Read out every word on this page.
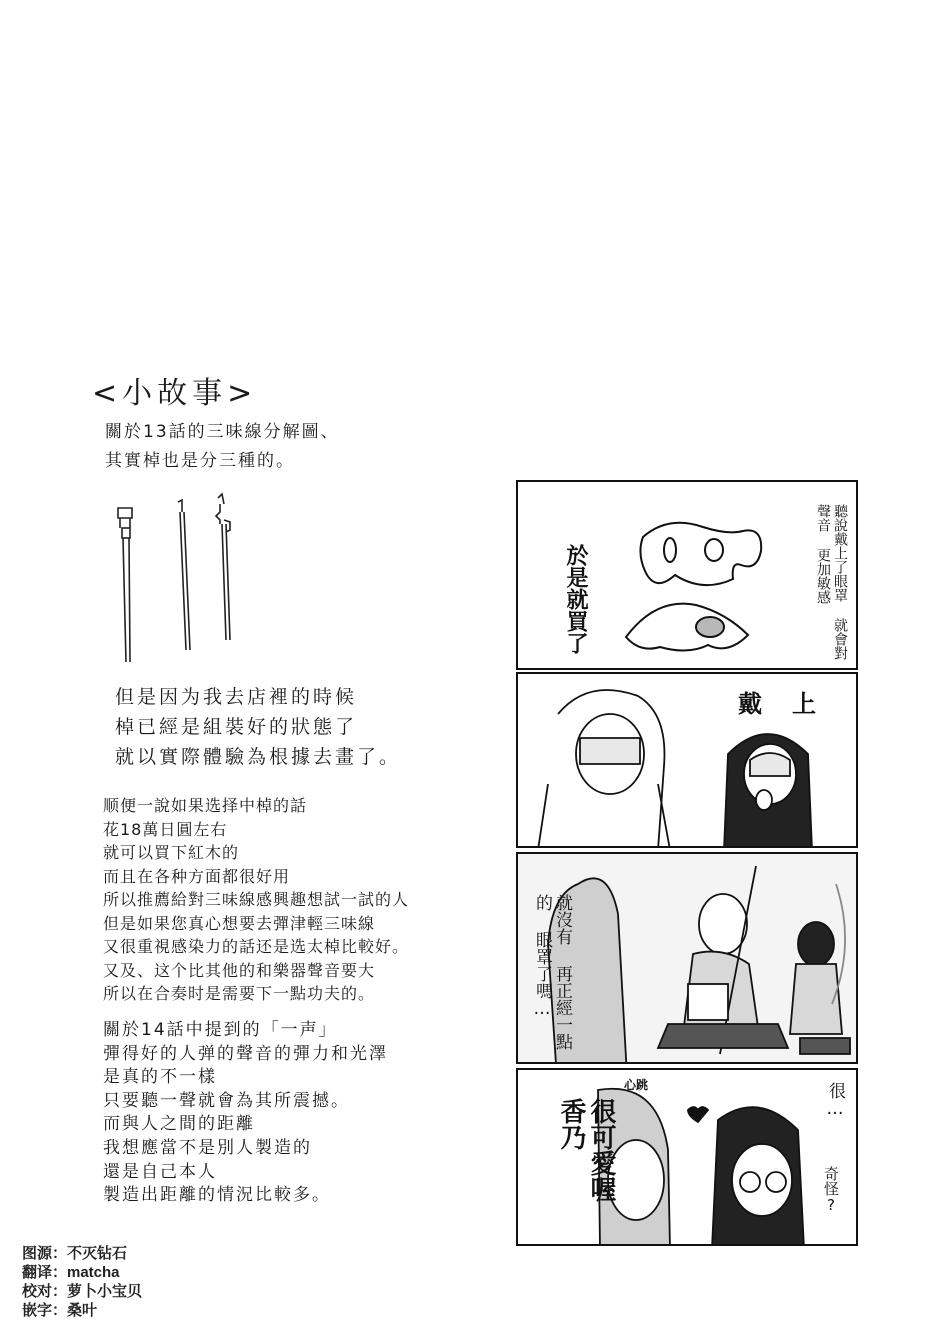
<小故事>
關於13話的三味線分解圖、
其實棹也是分三種的。
但是因为我去店裡的時候
棹已經是組裝好的狀態了
就以實際體驗為根據去畫了。
顺便一說如果选择中棹的話
花18萬日圓左右
就可以買下紅木的
而且在各种方面都很好用
所以推薦給對三味線感興趣想試一試的人
但是如果您真心想要去彈津輕三味線
又很重視感染力的話还是选太棹比較好。
又及、这个比其他的和樂器聲音要大
所以在合奏时是需要下一點功夫的。
關於14話中提到的「一声」
彈得好的人弹的聲音的彈力和光澤
是真的不一樣
只要聽一聲就會為其所震撼。
而與人之間的距離
我想應當不是別人製造的
還是自己本人
製造出距離的情況比較多。
图源：不灭钻石
翻译：matcha
校对：萝卜小宝贝
嵌字：桑叶
聽說戴上了眼罩 就會對聲音 更加敏感
於是就買了
戴上
就沒有 再正經一點 的 眼罩了嗎…
心跳
很可愛喔 香乃	很…
奇怪?
